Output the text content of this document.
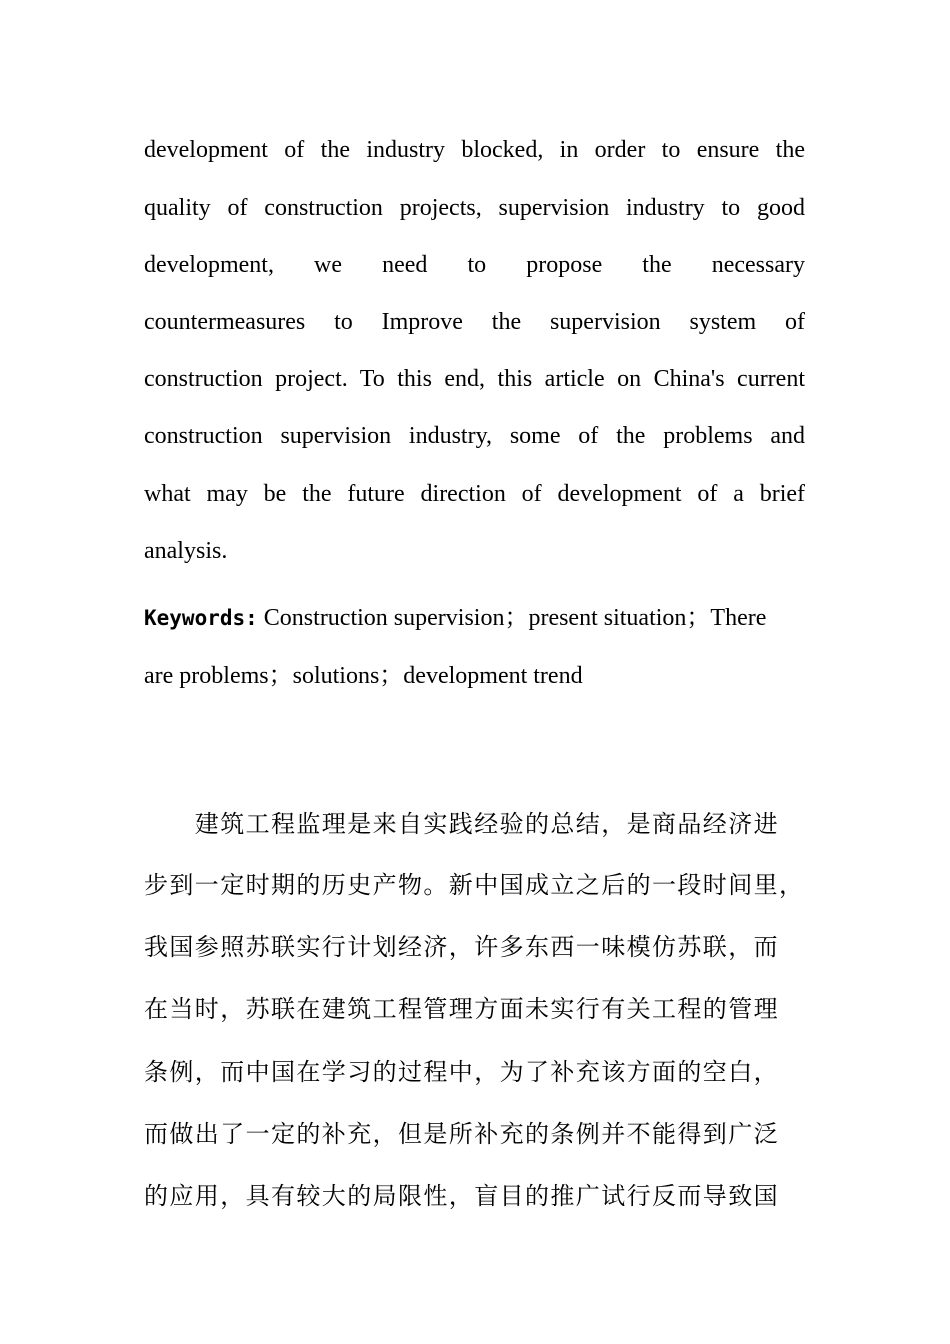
development of the industry blocked, in order to ensure the
quality of construction projects, supervision industry to good
development, we need to propose the necessary
countermeasures to Improve the supervision system of
construction project. To this end, this article on China's current
construction supervision industry, some of the problems and
what may be the future direction of development of a brief
analysis.
Keywords: Construction supervision；present situation；There
are problems；solutions；development trend
　　建筑工程监理是来自实践经验的总结，是商品经济进
步到一定时期的历史产物。新中国成立之后的一段时间里，
我国参照苏联实行计划经济，许多东西一味模仿苏联，而
在当时，苏联在建筑工程管理方面未实行有关工程的管理
条例，而中国在学习的过程中，为了补充该方面的空白，
而做出了一定的补充，但是所补充的条例并不能得到广泛
的应用，具有较大的局限性，盲目的推广试行反而导致国
